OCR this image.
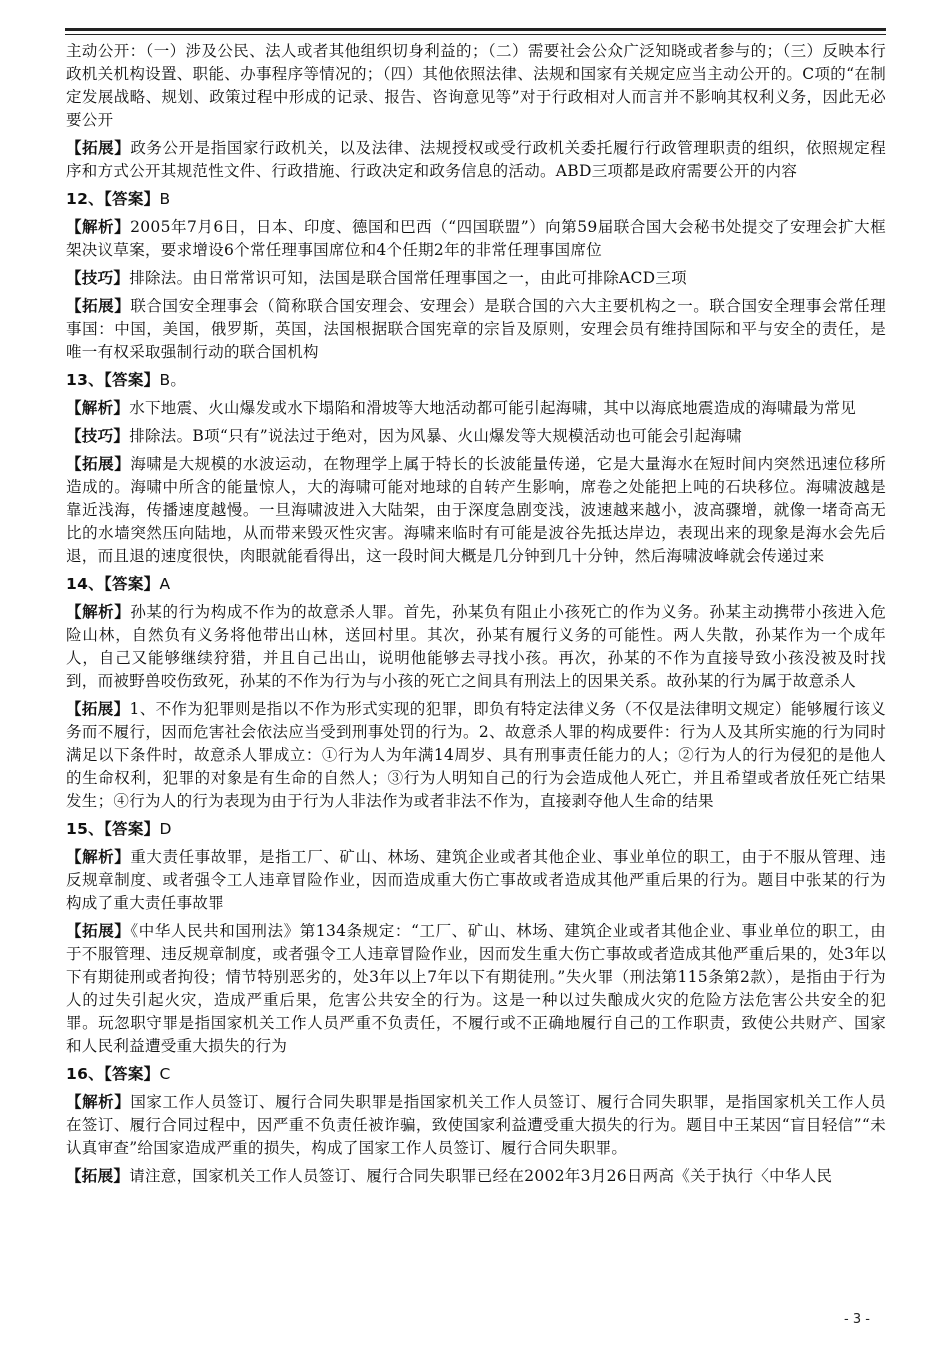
主动公开：（一）涉及公民、法人或者其他组织切身利益的；（二）需要社会公众广泛知晓或者参与的；（三）反映本行政机关机构设置、职能、办事程序等情况的；（四）其他依照法律、法规和国家有关规定应当主动公开的。C项的“在制定发展战略、规划、政策过程中形成的记录、报告、咨询意见等”对于行政相对人而言并不影响其权利义务，因此无必要公开
【拓展】政务公开是指国家行政机关，以及法律、法规授权或受行政机关委托履行行政管理职责的组织，依照规定程序和方式公开其规范性文件、行政措施、行政决定和政务信息的活动。ABD三项都是政府需要公开的内容
12、【答案】B
【解析】2005年7月6日，日本、印度、德国和巴西（“四国联盟”）向第59届联合国大会秘书处提交了安理会扩大框架决议草案，要求增设6个常任理事国席位和4个任期2年的非常任理事国席位
【技巧】排除法。由日常常识可知，法国是联合国常任理事国之一，由此可排除ACD三项
【拓展】联合国安全理事会（简称联合国安理会、安理会）是联合国的六大主要机构之一。联合国安全理事会常任理事国：中国，美国，俄罗斯，英国，法国根据联合国宪章的宗旨及原则，安理会员有维持国际和平与安全的责任，是唯一有权采取强制行动的联合国机构
13、【答案】B。
【解析】水下地震、火山爆发或水下塌陷和滑坡等大地活动都可能引起海啸，其中以海底地震造成的海啸最为常见
【技巧】排除法。B项“只有”说法过于绝对，因为风暴、火山爆发等大规模活动也可能会引起海啸
【拓展】海啸是大规模的水波运动，在物理学上属于特长的长波能量传递，它是大量海水在短时间内突然迅速位移所造成的。海啸中所含的能量惊人，大的海啸可能对地球的自转产生影响，席卷之处能把上吨的石块移位。海啸波越是靠近浅海，传播速度越慢。一旦海啸波进入大陆架，由于深度急剧变浅，波速越来越小，波高骤增，就像一堵奇高无比的水墙突然压向陆地，从而带来毁灭性灾害。海啸来临时有可能是波谷先抵达岸边，表现出来的现象是海水会先后退，而且退的速度很快，肉眼就能看得出，这一段时间大概是几分钟到几十分钟，然后海啸波峰就会传递过来
14、【答案】A
【解析】孙某的行为构成不作为的故意杀人罪。首先，孙某负有阻止小孩死亡的作为义务。孙某主动携带小孩进入危险山林，自然负有义务将他带出山林，送回村里。其次，孙某有履行义务的可能性。两人失散，孙某作为一个成年人，自己又能够继续狩猎，并且自己出山，说明他能够去寻找小孩。再次，孙某的不作为直接导致小孩没被及时找到，而被野兽咬伤致死，孙某的不作为行为与小孩的死亡之间具有刑法上的因果关系。故孙某的行为属于故意杀人
【拓展】1、不作为犯罪则是指以不作为形式实现的犯罪，即负有特定法律义务（不仅是法律明文规定）能够履行该义务而不履行，因而危害社会依法应当受到刑事处罚的行为。2、故意杀人罪的构成要件：行为人及其所实施的行为同时满足以下条件时，故意杀人罪成立：①行为人为年满14周岁、具有刑事责任能力的人；②行为人的行为侵犯的是他人的生命权利，犯罪的对象是有生命的自然人；③行为人明知自己的行为会造成他人死亡，并且希望或者放任死亡结果发生；④行为人的行为表现为由于行为人非法作为或者非法不作为，直接剥夺他人生命的结果
15、【答案】D
【解析】重大责任事故罪，是指工厂、矿山、林场、建筑企业或者其他企业、事业单位的职工，由于不服从管理、违反规章制度、或者强令工人违章冒险作业，因而造成重大伤亡事故或者造成其他严重后果的行为。题目中张某的行为构成了重大责任事故罪
【拓展】《中华人民共和国刑法》第134条规定：“工厂、矿山、林场、建筑企业或者其他企业、事业单位的职工，由于不服管理、违反规章制度，或者强令工人违章冒险作业，因而发生重大伤亡事故或者造成其他严重后果的，处3年以下有期徒刑或者拘役；情节特别恶劣的，处3年以上7年以下有期徒刑。”失火罪（刑法第115条第2款），是指由于行为人的过失引起火灾，造成严重后果，危害公共安全的行为。这是一种以过失酿成火灾的危险方法危害公共安全的犯罪。玩忽职守罪是指国家机关工作人员严重不负责任，不履行或不正确地履行自己的工作职责，致使公共财产、国家和人民利益遭受重大损失的行为
16、【答案】C
【解析】国家工作人员签订、履行合同失职罪是指国家机关工作人员签订、履行合同失职罪，是指国家机关工作人员在签订、履行合同过程中，因严重不负责任被诈骗，致使国家利益遭受重大损失的行为。题目中王某因“盲目轻信”“未认真审查”给国家造成严重的损失，构成了国家工作人员签订、履行合同失职罪。
【拓展】请注意，国家机关工作人员签订、履行合同失职罪已经在2002年3月26日两高《关于执行〈中华人民
- 3 -
